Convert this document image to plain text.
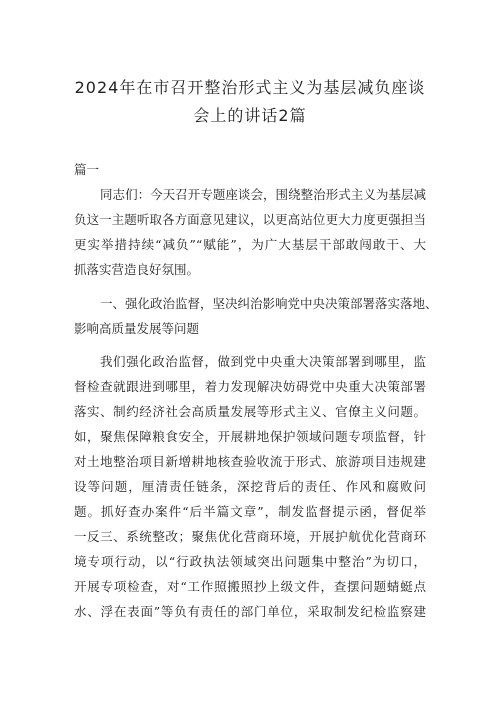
2024年在市召开整治形式主义为基层减负座谈
会上的讲话2篇
篇一
同志们：今天召开专题座谈会，围绕整治形式主义为基层减
负这一主题听取各方面意见建议，以更高站位更大力度更强担当
更实举措持续“减负”“赋能”，为广大基层干部敢闯敢干、大
抓落实营造良好氛围。
一、强化政治监督，坚决纠治影响党中央决策部署落实落地、
影响高质量发展等问题
我们强化政治监督，做到党中央重大决策部署到哪里，监
督检查就跟进到哪里，着力发现解决妨碍党中央重大决策部署
落实、制约经济社会高质量发展等形式主义、官僚主义问题。
如，聚焦保障粮食安全，开展耕地保护领域问题专项监督，针
对土地整治项目新增耕地核查验收流于形式、旅游项目违规建
设等问题，厘清责任链条，深挖背后的责任、作风和腐败问
题。抓好查办案件“后半篇文章”，制发监督提示函，督促举
一反三、系统整改；聚焦优化营商环境，开展护航优化营商环
境专项行动，以“行政执法领域突出问题集中整治”为切口，
开展专项检查，对“工作照搬照抄上级文件，查摆问题蜻蜓点
水、浮在表面”等负有责任的部门单位，采取制发纪检监察建
